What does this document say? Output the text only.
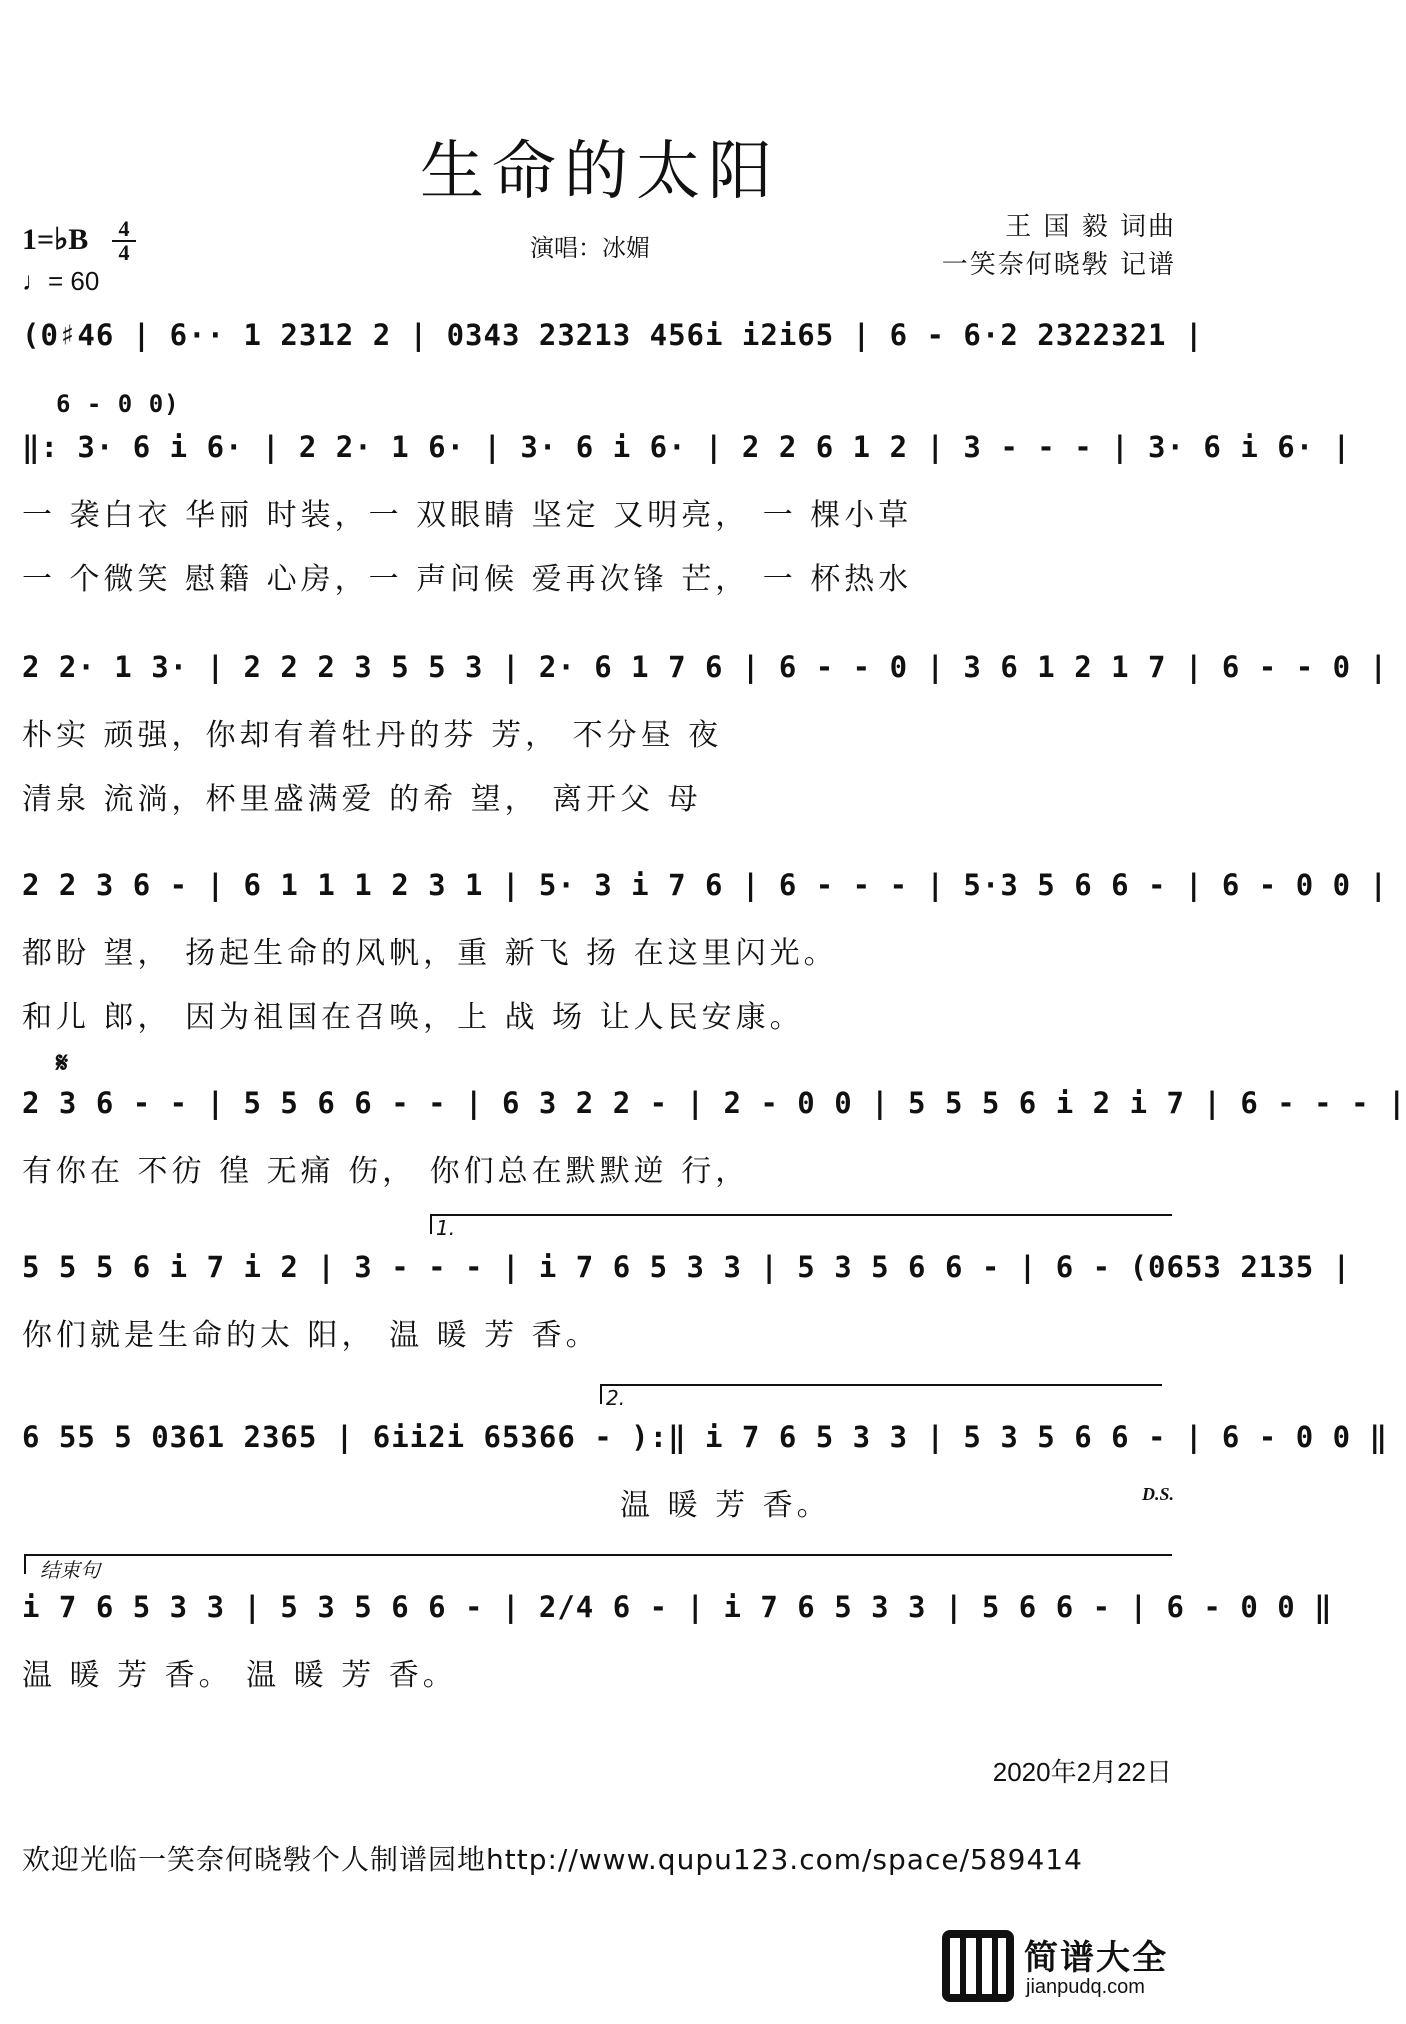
生命的太阳
1=♭B 4
4
♩= 60
演唱：冰媚
王 国 毅 词曲
一笑奈何晓斅 记谱
(0♯46 | 6·· 1 2312 2 | 0343 23213 456i i2i65 | 6 - 6·2 2322321 |
6 - 0 0)
‖: 3· 6 i 6· | 2 2· 1 6· | 3· 6 i 6· | 2 2 6 1 2 | 3 - - - | 3· 6 i 6· |
一 袭白衣 华丽 时装，一 双眼睛 坚定 又明亮， 一 棵小草
一 个微笑 慰籍 心房，一 声问候 爱再次锋 芒， 一 杯热水
2 2· 1 3· | 2 2 2 3 5 5 3 | 2· 6 1 7 6 | 6 - - 0 | 3 6 1 2 1 7 | 6 - - 0 |
朴实 顽强，你却有着牡丹的芬 芳， 不分昼 夜
清泉 流淌，杯里盛满爱 的希 望， 离开父 母
2 2 3 6 - | 6 1 1 1 2 3 1 | 5· 3 i 7 6 | 6 - - - | 5·3 5 6 6 - | 6 - 0 0 |
都盼 望， 扬起生命的风帆，重 新飞 扬 在这里闪光。
和儿 郎， 因为祖国在召唤，上 战 场 让人民安康。
𝄋
2 3 6 - - | 5 5 6 6 - - | 6 3 2 2 - | 2 - 0 0 | 5 5 5 6 i 2 i 7 | 6 - - - |
有你在 不彷 徨 无痛 伤， 你们总在默默逆 行，
1.
5 5 5 6 i 7 i 2 | 3 - - - | i 7 6 5 3 3 | 5 3 5 6 6 - | 6 - (0653 2135 |
你们就是生命的太 阳， 温 暖 芳 香。
2.
6 55 5 0361 2365 | 6ii2i 65366 - ):‖ i 7 6 5 3 3 | 5 3 5 6 6 - | 6 - 0 0 ‖
D.S.
温 暖 芳 香。
结束句
i 7 6 5 3 3 | 5 3 5 6 6 - | 2/4 6 - | i 7 6 5 3 3 | 5 6 6 - | 6 - 0 0 ‖
温 暖 芳 香。 温 暖 芳 香。
2020年2月22日
欢迎光临一笑奈何晓斅个人制谱园地http://www.qupu123.com/space/589414
简谱大全
jianpudq.com
